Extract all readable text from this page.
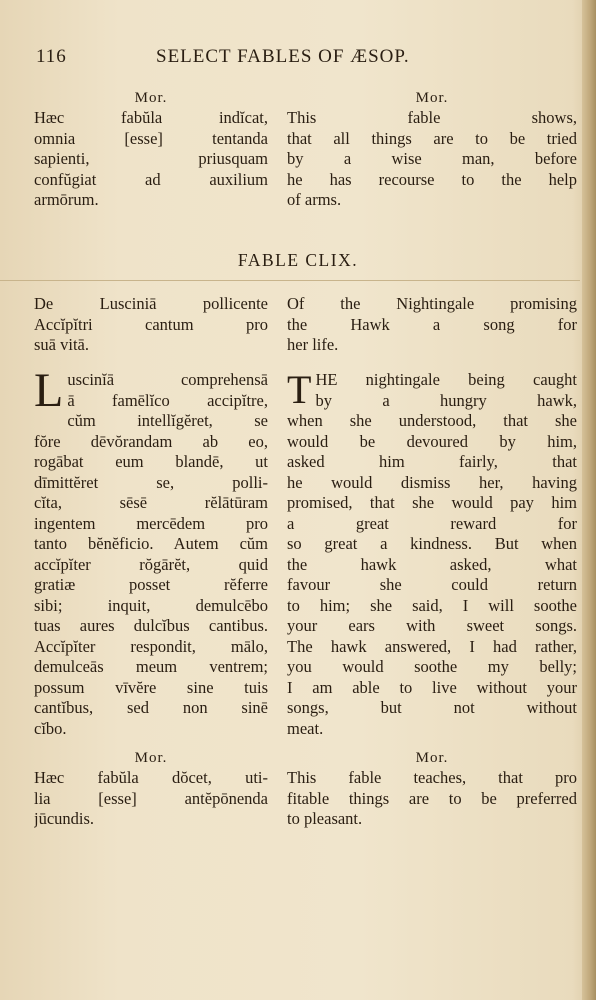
116	SELECT FABLES OF ÆSOP.
Mor.
Hæc fabŭla indĭcat,
omnia [esse] tentanda
sapienti, priusquam
confŭgiat ad auxilium
armōrum.
Mor.
This fable shows,
that all things are to be tried
by a wise man, before
he has recourse to the help
of arms.
FABLE CLIX.
De Lusciniā pollicente
Accĭpĭtri cantum pro
suā vitā.
Of the Nightingale promising
the Hawk a song for
her life.
L uscinĭā comprehensā
ā famēlĭco accipĭtre,
cŭm intellĭgĕret, se
fŏre dēvŏrandam ab eo,
rogābat eum blandē, ut
dīmittĕret se, polli-
cĭta, sēsē rĕlātūram
ingentem mercēdem pro
tanto bĕnĕficio. Autem cŭm
accĭpĭter rŏgārĕt, quid
gratiæ posset rĕferre
sibi; inquit, demulcēbo
tuas aures dulcĭbus cantibus.
Accĭpĭter respondit, mālo,
demulceās meum ventrem;
possum vīvĕre sine tuis
cantĭbus, sed non sinē
cĭbo.
T HE nightingale being caught
by a hungry hawk,
when she understood, that she
would be devoured by him,
asked him fairly, that
he would dismiss her, having
promised, that she would pay him
a great reward for
so great a kindness. But when
the hawk asked, what
favour she could return
to him; she said, I will soothe
your ears with sweet songs.
The hawk answered, I had rather,
you would soothe my belly;
I am able to live without your
songs, but not without
meat.
Mor.
Hæc fabŭla dŏcet, uti-
lia [esse] antĕpōnenda
jūcundis.
Mor.
This fable teaches, that pro
fitable things are to be preferred
to pleasant.
